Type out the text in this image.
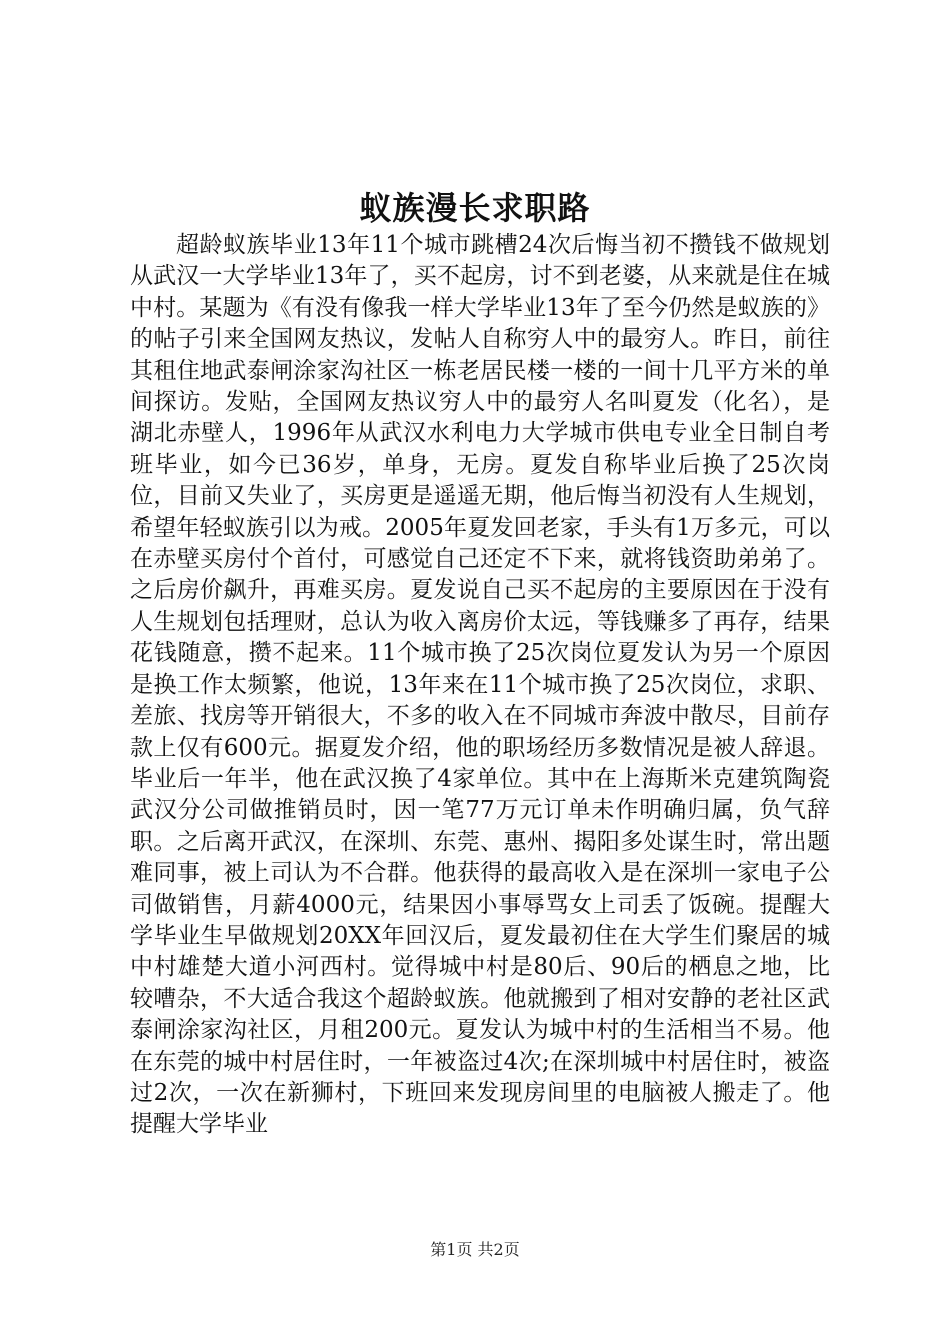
蚁族漫长求职路

超龄蚁族毕业13年11个城市跳槽24次后悔当初不攒钱不做规划从武汉一大学毕业13年了，买不起房，讨不到老婆，从来就是住在城中村。某题为《有没有像我一样大学毕业13年了至今仍然是蚁族的》的帖子引来全国网友热议，发帖人自称穷人中的最穷人。昨日，前往其租住地武泰闸涂家沟社区一栋老居民楼一楼的一间十几平方米的单间探访。发贴，全国网友热议穷人中的最穷人名叫夏发（化名），是湖北赤壁人，1996年从武汉水利电力大学城市供电专业全日制自考班毕业，如今已36岁，单身，无房。夏发自称毕业后换了25次岗位，目前又失业了，买房更是遥遥无期，他后悔当初没有人生规划，希望年轻蚁族引以为戒。2005年夏发回老家，手头有1万多元，可以在赤壁买房付个首付，可感觉自己还定不下来，就将钱资助弟弟了。之后房价飙升，再难买房。夏发说自己买不起房的主要原因在于没有人生规划包括理财，总认为收入离房价太远，等钱赚多了再存，结果花钱随意，攒不起来。11个城市换了25次岗位夏发认为另一个原因是换工作太频繁，他说，13年来在11个城市换了25次岗位，求职、差旅、找房等开销很大，不多的收入在不同城市奔波中散尽，目前存款上仅有600元。据夏发介绍，他的职场经历多数情况是被人辞退。毕业后一年半，他在武汉换了4家单位。其中在上海斯米克建筑陶瓷武汉分公司做推销员时，因一笔77万元订单未作明确归属，负气辞职。之后离开武汉，在深圳、东莞、惠州、揭阳多处谋生时，常出题难同事，被上司认为不合群。他获得的最高收入是在深圳一家电子公司做销售，月薪4000元，结果因小事辱骂女上司丢了饭碗。提醒大学毕业生早做规划20XX年回汉后，夏发最初住在大学生们聚居的城中村雄楚大道小河西村。觉得城中村是80后、90后的栖息之地，比较嘈杂，不大适合我这个超龄蚁族。他就搬到了相对安静的老社区武泰闸涂家沟社区，月租200元。夏发认为城中村的生活相当不易。他在东莞的城中村居住时，一年被盗过4次;在深圳城中村居住时，被盗过2次，一次在新狮村，下班回来发现房间里的电脑被人搬走了。他提醒大学毕业

第1页 共2页
